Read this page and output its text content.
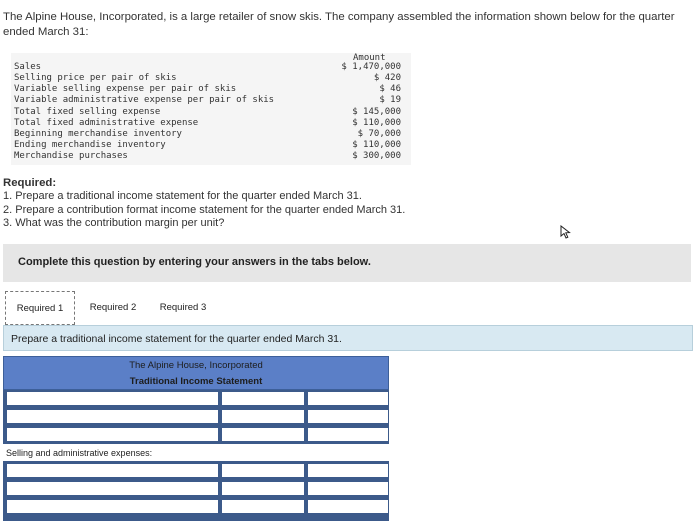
The Alpine House, Incorporated, is a large retailer of snow skis. The company assembled the information shown below for the quarter ended March 31:
Amount
Sales	$ 1,470,000
Selling price per pair of skis	$ 420
Variable selling expense per pair of skis	$ 46
Variable administrative expense per pair of skis	$ 19
Total fixed selling expense	$ 145,000
Total fixed administrative expense	$ 110,000
Beginning merchandise inventory	$ 70,000
Ending merchandise inventory	$ 110,000
Merchandise purchases	$ 300,000
Required:
1. Prepare a traditional income statement for the quarter ended March 31.
2. Prepare a contribution format income statement for the quarter ended March 31.
3. What was the contribution margin per unit?
Complete this question by entering your answers in the tabs below.
Required 1	Required 2	Required 3
Prepare a traditional income statement for the quarter ended March 31.
The Alpine House, Incorporated
Traditional Income Statement
Selling and administrative expenses:
